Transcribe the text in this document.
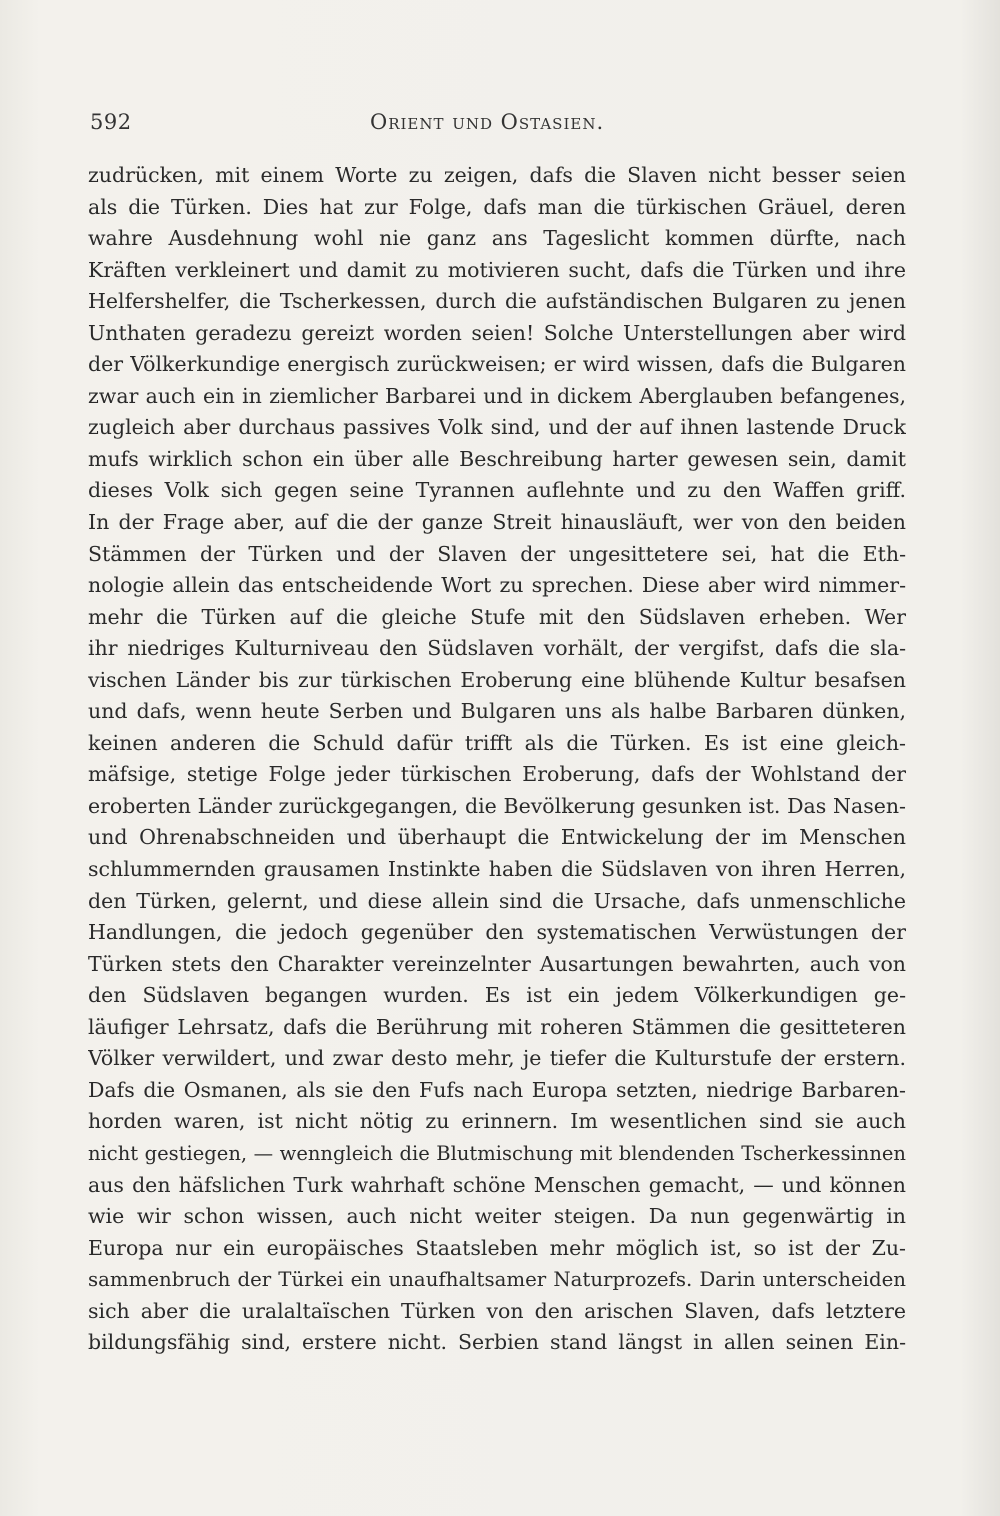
592	Orient und Ostasien.
zudrücken, mit einem Worte zu zeigen, dafs die Slaven nicht besser seien
als die Türken. Dies hat zur Folge, dafs man die türkischen Gräuel, deren
wahre Ausdehnung wohl nie ganz ans Tageslicht kommen dürfte, nach
Kräften verkleinert und damit zu motivieren sucht, dafs die Türken und ihre
Helfershelfer, die Tscherkessen, durch die aufständischen Bulgaren zu jenen
Unthaten geradezu gereizt worden seien! Solche Unterstellungen aber wird
der Völkerkundige energisch zurückweisen; er wird wissen, dafs die Bulgaren
zwar auch ein in ziemlicher Barbarei und in dickem Aberglauben befangenes,
zugleich aber durchaus passives Volk sind, und der auf ihnen lastende Druck
mufs wirklich schon ein über alle Beschreibung harter gewesen sein, damit
dieses Volk sich gegen seine Tyrannen auflehnte und zu den Waffen griff.
In der Frage aber, auf die der ganze Streit hinausläuft, wer von den beiden
Stämmen der Türken und der Slaven der ungesittetere sei, hat die Eth-
nologie allein das entscheidende Wort zu sprechen. Diese aber wird nimmer-
mehr die Türken auf die gleiche Stufe mit den Südslaven erheben. Wer
ihr niedriges Kulturniveau den Südslaven vorhält, der vergifst, dafs die sla-
vischen Länder bis zur türkischen Eroberung eine blühende Kultur besafsen
und dafs, wenn heute Serben und Bulgaren uns als halbe Barbaren dünken,
keinen anderen die Schuld dafür trifft als die Türken. Es ist eine gleich-
mäfsige, stetige Folge jeder türkischen Eroberung, dafs der Wohlstand der
eroberten Länder zurückgegangen, die Bevölkerung gesunken ist. Das Nasen-
und Ohrenabschneiden und überhaupt die Entwickelung der im Menschen
schlummernden grausamen Instinkte haben die Südslaven von ihren Herren,
den Türken, gelernt, und diese allein sind die Ursache, dafs unmenschliche
Handlungen, die jedoch gegenüber den systematischen Verwüstungen der
Türken stets den Charakter vereinzelnter Ausartungen bewahrten, auch von
den Südslaven begangen wurden. Es ist ein jedem Völkerkundigen ge-
läufiger Lehrsatz, dafs die Berührung mit roheren Stämmen die gesitteteren
Völker verwildert, und zwar desto mehr, je tiefer die Kulturstufe der erstern.
Dafs die Osmanen, als sie den Fufs nach Europa setzten, niedrige Barbaren-
horden waren, ist nicht nötig zu erinnern. Im wesentlichen sind sie auch
nicht gestiegen, — wenngleich die Blutmischung mit blendenden Tscherkessinnen
aus den häfslichen Turk wahrhaft schöne Menschen gemacht, — und können
wie wir schon wissen, auch nicht weiter steigen. Da nun gegenwärtig in
Europa nur ein europäisches Staatsleben mehr möglich ist, so ist der Zu-
sammenbruch der Türkei ein unaufhaltsamer Naturprozefs. Darin unterscheiden
sich aber die uralaltaïschen Türken von den arischen Slaven, dafs letztere
bildungsfähig sind, erstere nicht. Serbien stand längst in allen seinen Ein-
